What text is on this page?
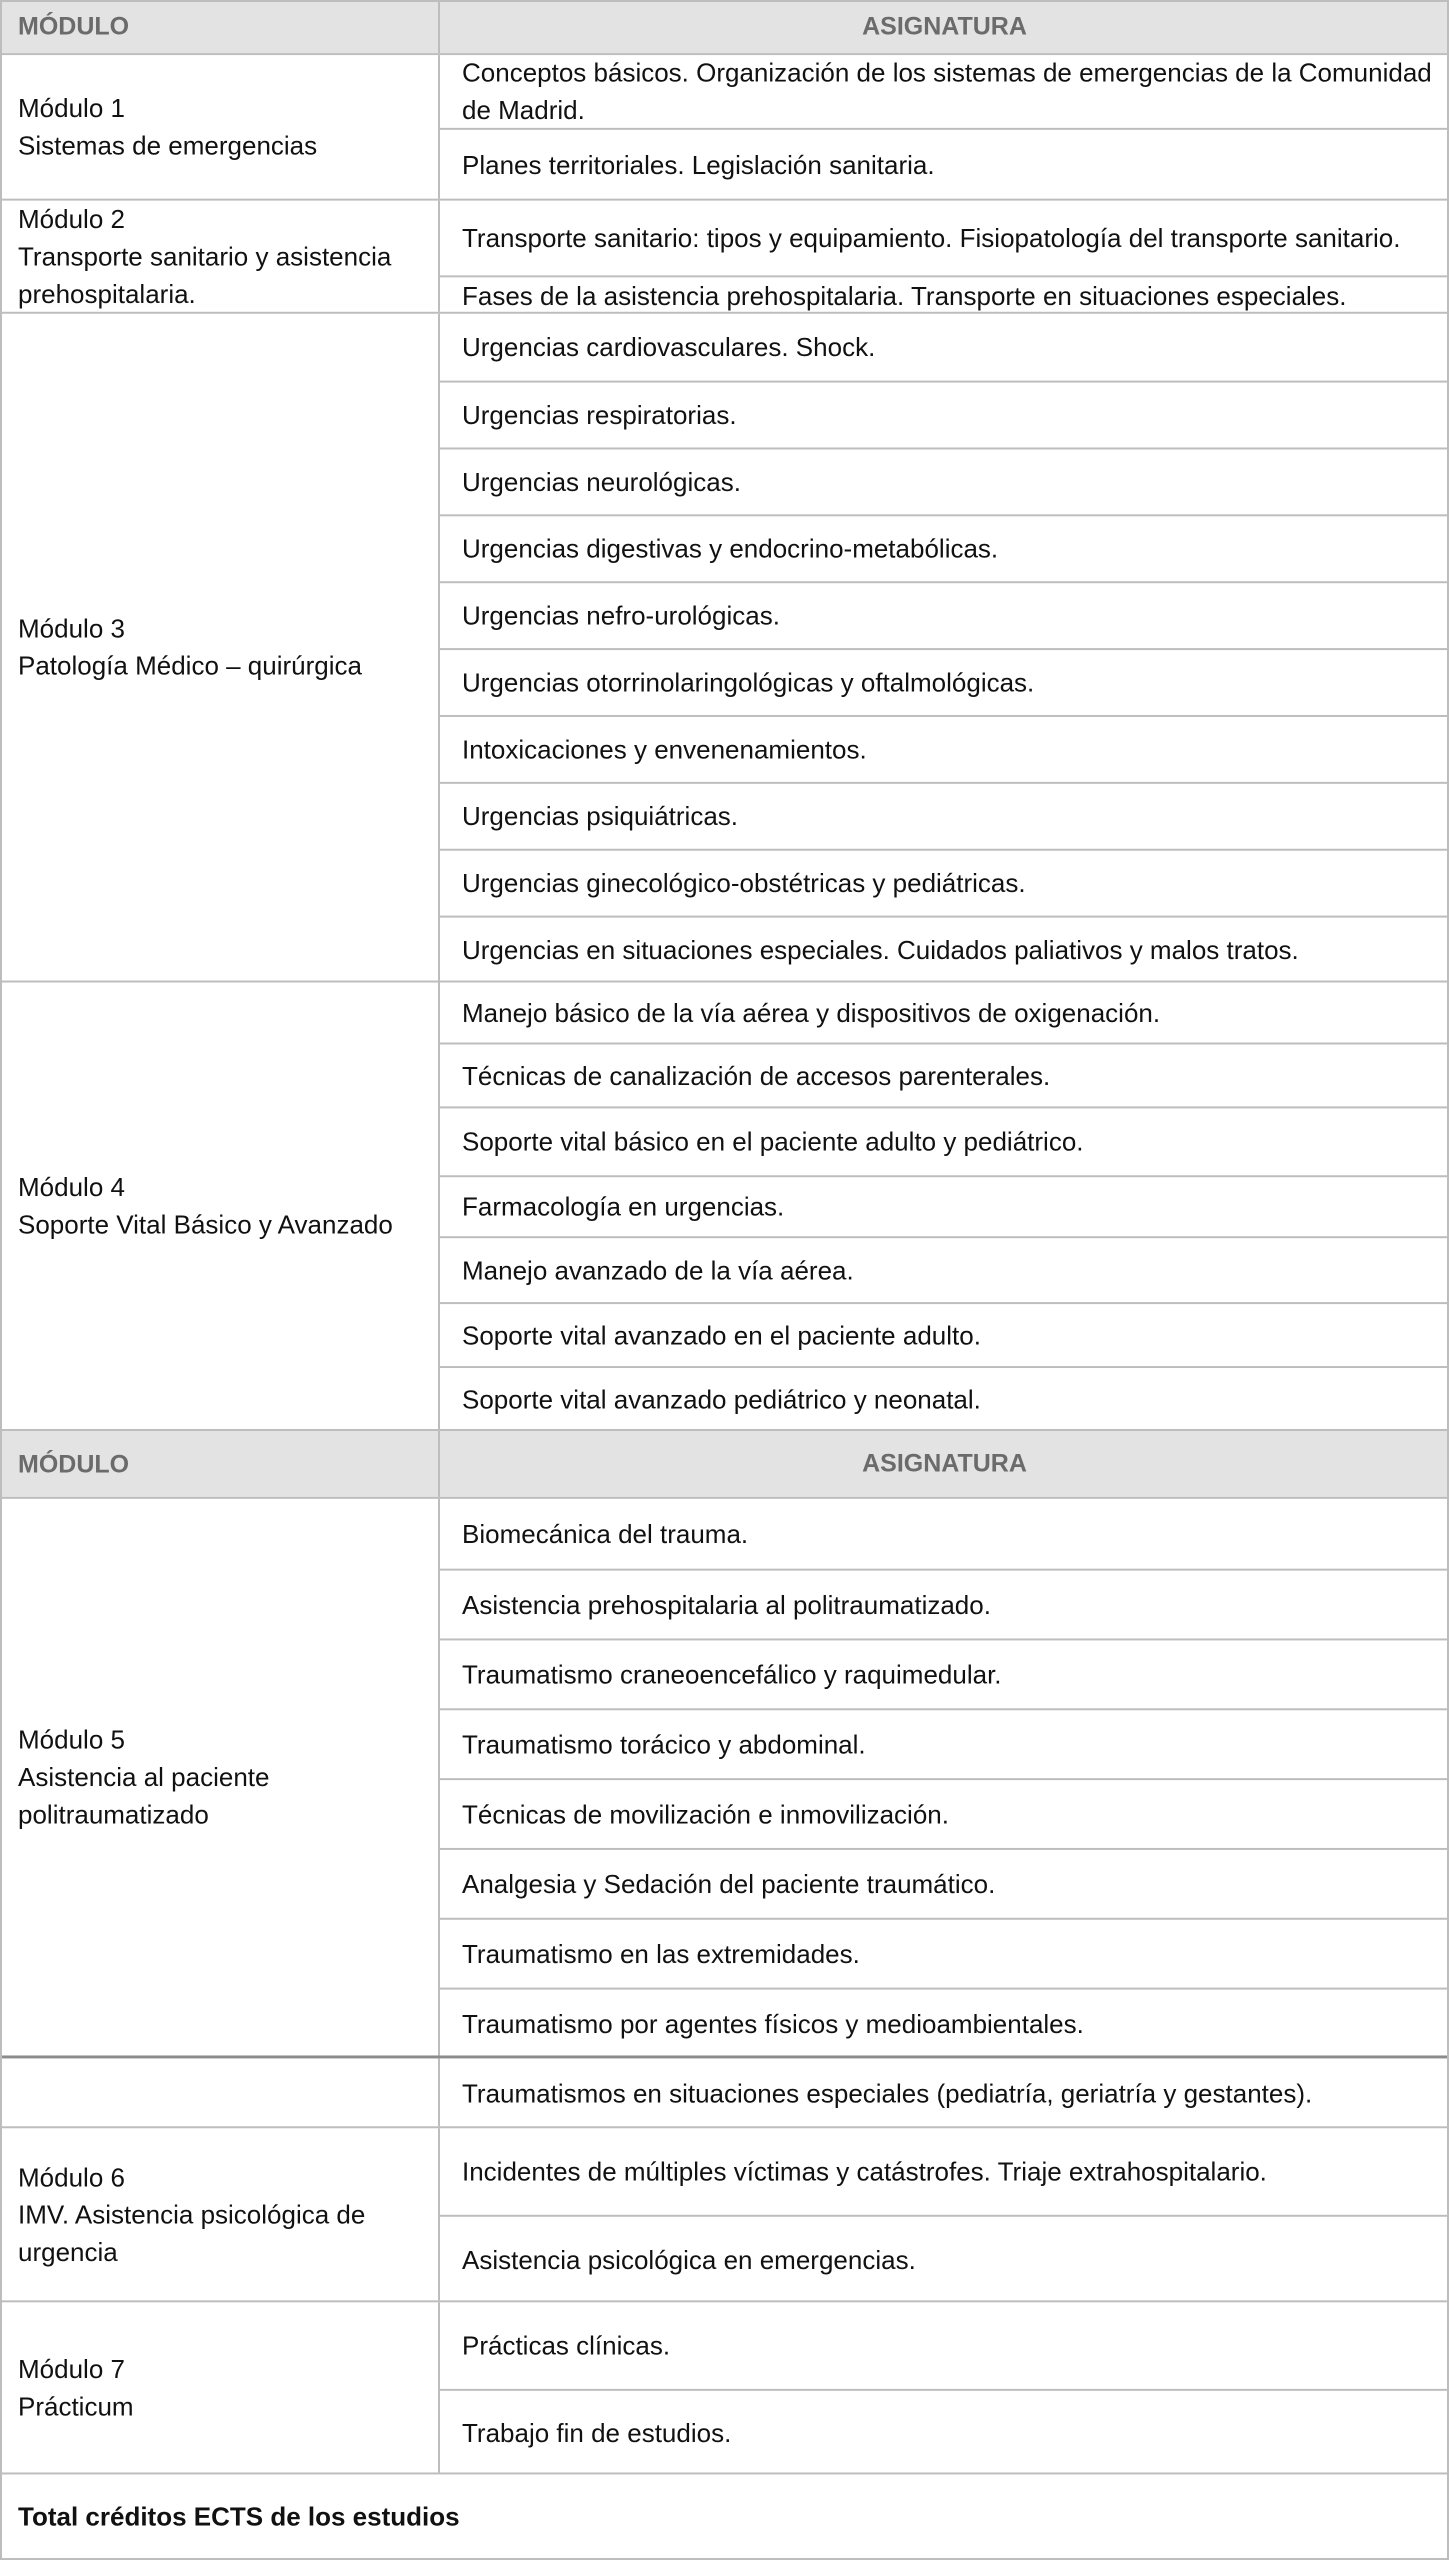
MÓDULO	ASIGNATURA
Módulo 1
Sistemas de emergencias
Conceptos básicos. Organización de los sistemas de emergencias de la Comunidad de Madrid.
Planes territoriales. Legislación sanitaria.
Módulo 2
Transporte sanitario y asistencia prehospitalaria.
Transporte sanitario: tipos y equipamiento. Fisiopatología del transporte sanitario.
Fases de la asistencia prehospitalaria. Transporte en situaciones especiales.
Módulo 3
Patología Médico – quirúrgica
Urgencias cardiovasculares. Shock.
Urgencias respiratorias.
Urgencias neurológicas.
Urgencias digestivas y endocrino-metabólicas.
Urgencias nefro-urológicas.
Urgencias otorrinolaringológicas y oftalmológicas.
Intoxicaciones y envenenamientos.
Urgencias psiquiátricas.
Urgencias ginecológico-obstétricas y pediátricas.
Urgencias en situaciones especiales. Cuidados paliativos y malos tratos.
Módulo 4
Soporte Vital Básico y Avanzado
Manejo básico de la vía aérea y dispositivos de oxigenación.
Técnicas de canalización de accesos parenterales.
Soporte vital básico en el paciente adulto y pediátrico.
Farmacología en urgencias.
Manejo avanzado de la vía aérea.
Soporte vital avanzado en el paciente adulto.
Soporte vital avanzado pediátrico y neonatal.
MÓDULO	ASIGNATURA
Módulo 5
Asistencia al paciente politraumatizado
Biomecánica del trauma.
Asistencia prehospitalaria al politraumatizado.
Traumatismo craneoencefálico y raquimedular.
Traumatismo torácico y abdominal.
Técnicas de movilización e inmovilización.
Analgesia y Sedación del paciente traumático.
Traumatismo en las extremidades.
Traumatismo por agentes físicos y medioambientales.
Traumatismos en situaciones especiales (pediatría, geriatría y gestantes).
Módulo 6
IMV. Asistencia psicológica de urgencia
Incidentes de múltiples víctimas y catástrofes. Triaje extrahospitalario.
Asistencia psicológica en emergencias.
Módulo 7
Prácticum
Prácticas clínicas.
Trabajo fin de estudios.
Total créditos ECTS de los estudios
